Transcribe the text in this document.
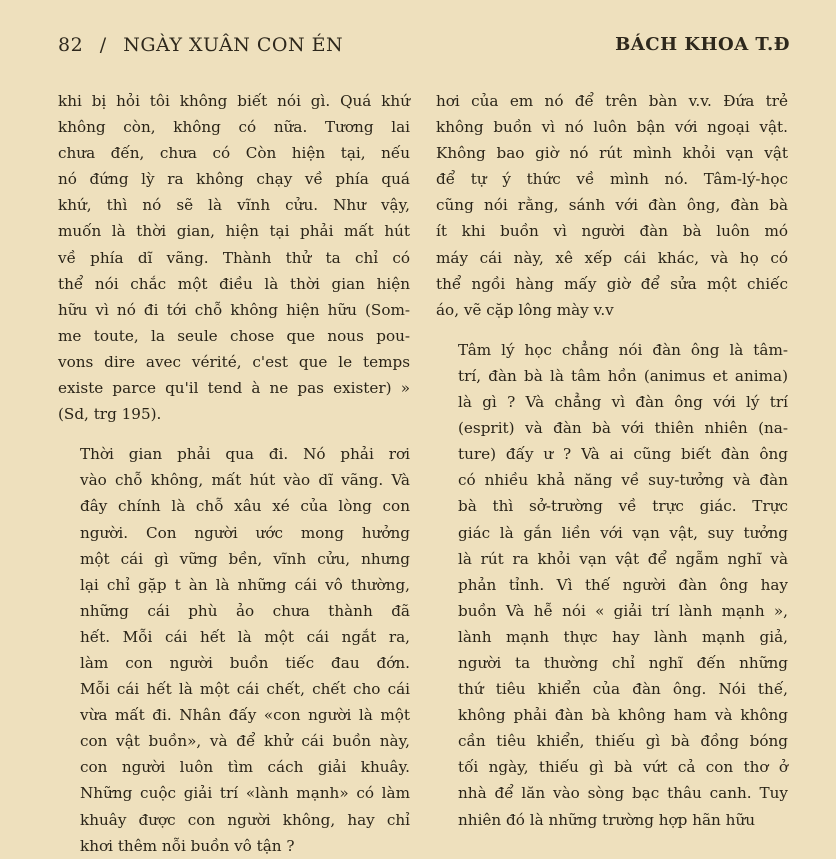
82 / NGÀY XUÂN CON ÉN	BÁCH KHOA T.Đ

khi bị hỏi tôi không biết nói gì. Quá khứ
không còn, không có nữa. Tương lai
chưa đến, chưa có Còn hiện tại, nếu
nó đứng lỳ ra không chạy về phía quá
khứ, thì nó sẽ là vĩnh cửu. Như vậy,
muốn là thời gian, hiện tại phải mất hút
về phía dĩ vãng. Thành thử ta chỉ có
thể nói chắc một điều là thời gian hiện
hữu vì nó đi tới chỗ không hiện hữu (Som-
me toute, la seule chose que nous pou-
vons dire avec vérité, c'est que le temps
existe parce qu'il tend à ne pas exister) »
(Sd, trg 195).

Thời gian phải qua đi. Nó phải rơi
vào chỗ không, mất hút vào dĩ vãng. Và
đây chính là chỗ xâu xé của lòng con
người. Con người ước mong hưởng
một cái gì vững bền, vĩnh cửu, nhưng
lại chỉ gặp t àn là những cái vô thường,
những cái phù ảo chưa thành đã
hết. Mỗi cái hết là một cái ngắt ra,
làm con người buồn tiếc đau đớn.
Mỗi cái hết là một cái chết, chết cho cái
vừa mất đi. Nhân đấy «con người là một
con vật buồn», và để khử cái buồn này,
con người luôn tìm cách giải khuây.
Những cuộc giải trí «lành mạnh» có làm
khuây được con người không, hay chỉ
khơi thêm nỗi buồn vô tận ?

hơi của em nó để trên bàn v.v. Đứa trẻ
không buồn vì nó luôn bận với ngoại vật.
Không bao giờ nó rút mình khỏi vạn vật
để tự ý thức về mình nó. Tâm-lý-học
cũng nói rằng, sánh với đàn ông, đàn bà
ít khi buồn vì người đàn bà luôn mó
máy cái này, xê xếp cái khác, và họ có
thể ngồi hàng mấy giờ để sửa một chiếc
áo, vẽ cặp lông mày v.v

Tâm lý học chẳng nói đàn ông là tâm-
trí, đàn bà là tâm hồn (animus et anima)
là gì ? Và chẳng vì đàn ông với lý trí
(esprit) và đàn bà với thiên nhiên (na-
ture) đấy ư ? Và ai cũng biết đàn ông
có nhiều khả năng về suy-tưởng và đàn
bà thì sở-trường về trực giác. Trực
giác là gắn liền với vạn vật, suy tưởng
là rút ra khỏi vạn vật để ngẫm nghĩ và
phản tỉnh. Vì thế người đàn ông hay
buồn Và hễ nói « giải trí lành mạnh »,
lành mạnh thực hay lành mạnh giả,
người ta thường chỉ nghĩ đến những
thứ tiêu khiển của đàn ông. Nói thế,
không phải đàn bà không ham và không
cần tiêu khiển, thiếu gì bà đồng bóng
tối ngày, thiếu gì bà vứt cả con thơ ở
nhà để lăn vào sòng bạc thâu canh. Tuy
nhiên đó là những trường hợp hãn hữu
